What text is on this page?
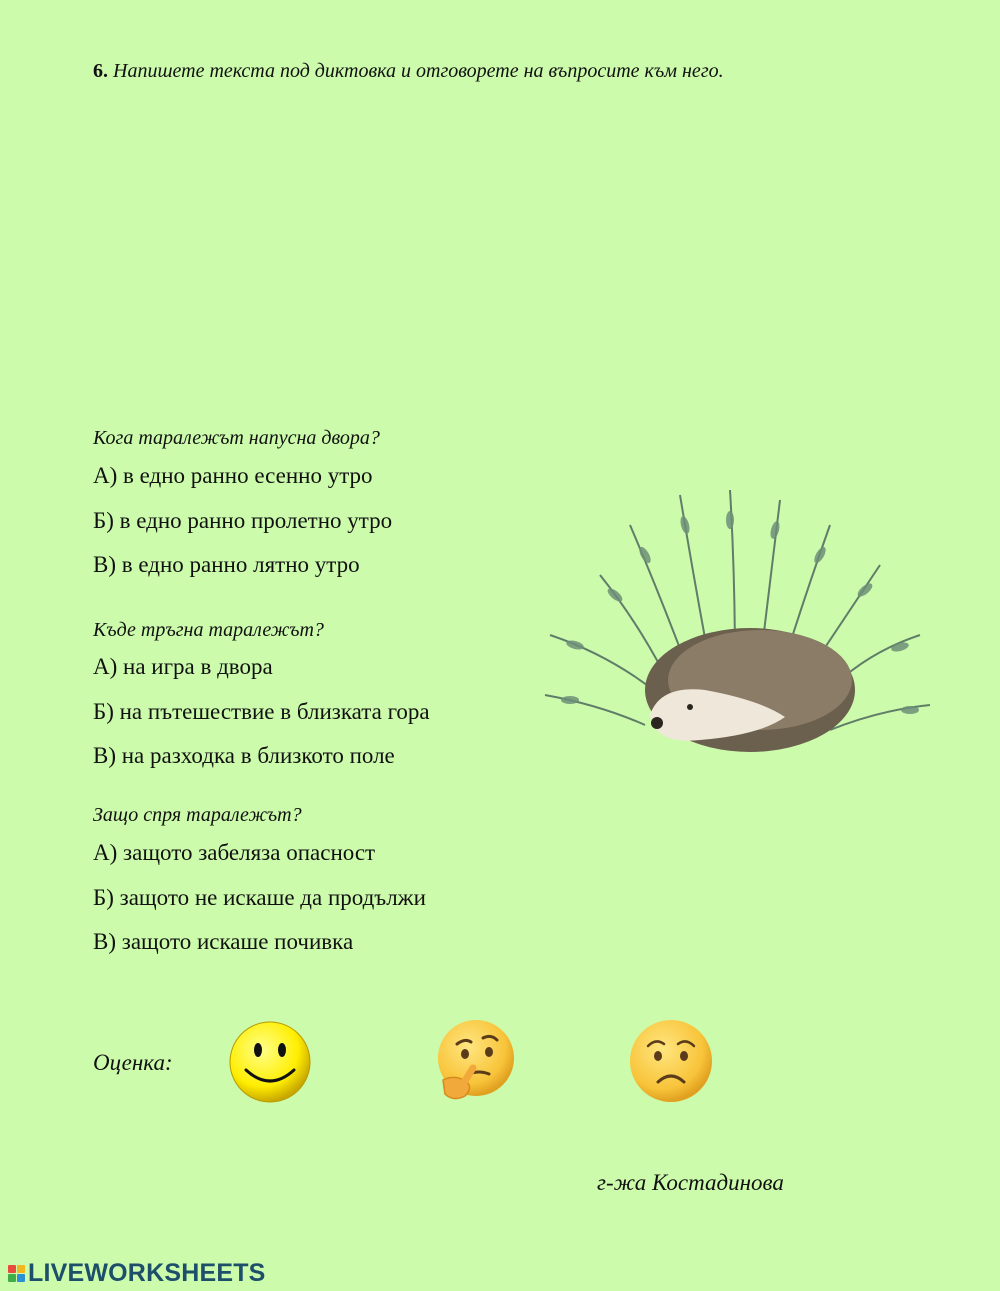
6. Напишете текста под диктовка и отговорете на въпросите към него.
Кога таралежът напусна двора?
А) в едно ранно есенно утро
Б) в едно ранно пролетно утро
В) в едно ранно лятно утро
Къде тръгна таралежът?
А) на игра в двора
Б) на пътешествие в близката гора
В) на разходка в близкото поле
Защо спря таралежът?
А) защото забеляза опасност
Б) защото не искаше да продължи
В) защото искаше почивка
Оценка:
г-жа Костадинова
LIVEWORKSHEETS
